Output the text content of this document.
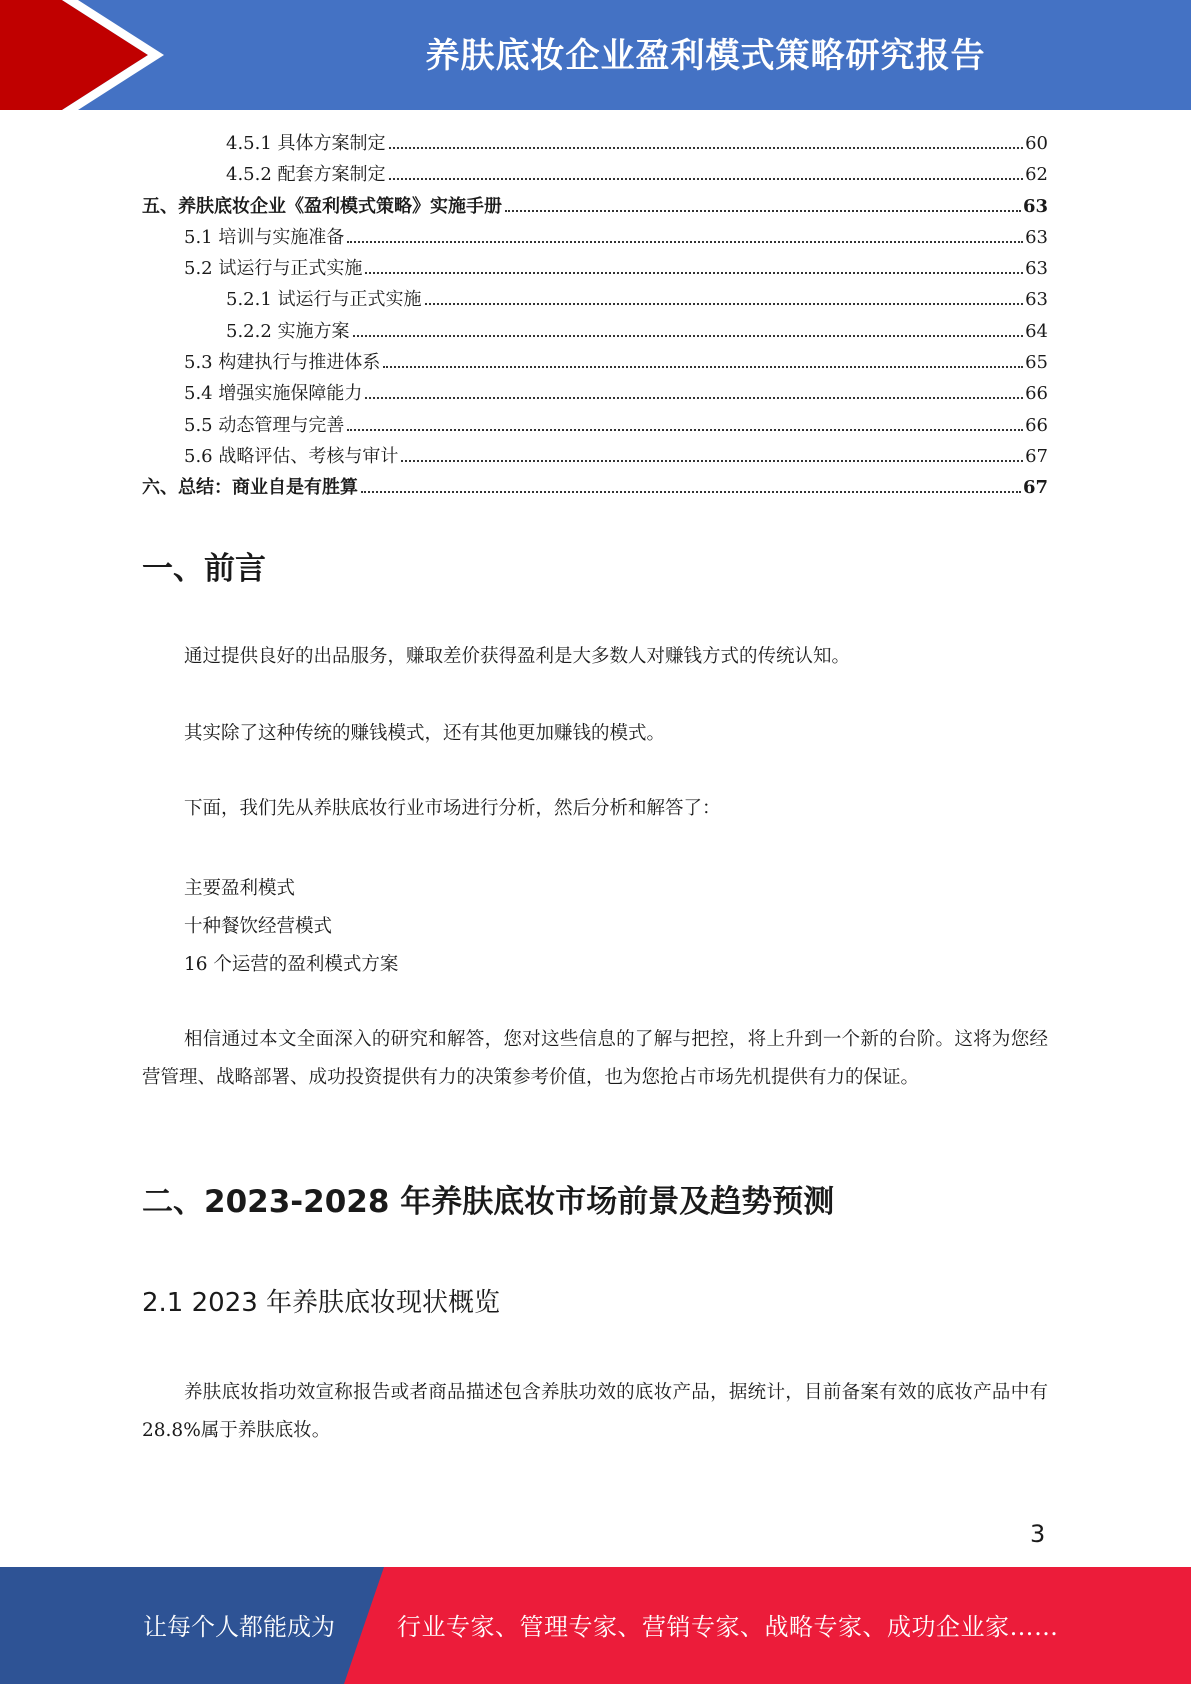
养肤底妆企业盈利模式策略研究报告
4.5.1 具体方案制定	60
4.5.2 配套方案制定	62
五、养肤底妆企业《盈利模式策略》实施手册	63
5.1 培训与实施准备	63
5.2 试运行与正式实施	63
5.2.1 试运行与正式实施	63
5.2.2 实施方案	64
5.3 构建执行与推进体系	65
5.4 增强实施保障能力	66
5.5 动态管理与完善	66
5.6 战略评估、考核与审计	67
六、总结：商业自是有胜算	67
一、前言

通过提供良好的出品服务，赚取差价获得盈利是大多数人对赚钱方式的传统认知。

其实除了这种传统的赚钱模式，还有其他更加赚钱的模式。

下面，我们先从养肤底妆行业市场进行分析，然后分析和解答了：

主要盈利模式

十种餐饮经营模式

16 个运营的盈利模式方案

相信通过本文全面深入的研究和解答，您对这些信息的了解与把控，将上升到一个新的台阶。这将为您经营管理、战略部署、成功投资提供有力的决策参考价值，也为您抢占市场先机提供有力的保证。

二、2023-2028 年养肤底妆市场前景及趋势预测
2.1 2023 年养肤底妆现状概览

养肤底妆指功效宣称报告或者商品描述包含养肤功效的底妆产品，据统计，目前备案有效的底妆产品中有 28.8%属于养肤底妆。

3
让每个人都能成为	行业专家、管理专家、营销专家、战略专家、成功企业家……
